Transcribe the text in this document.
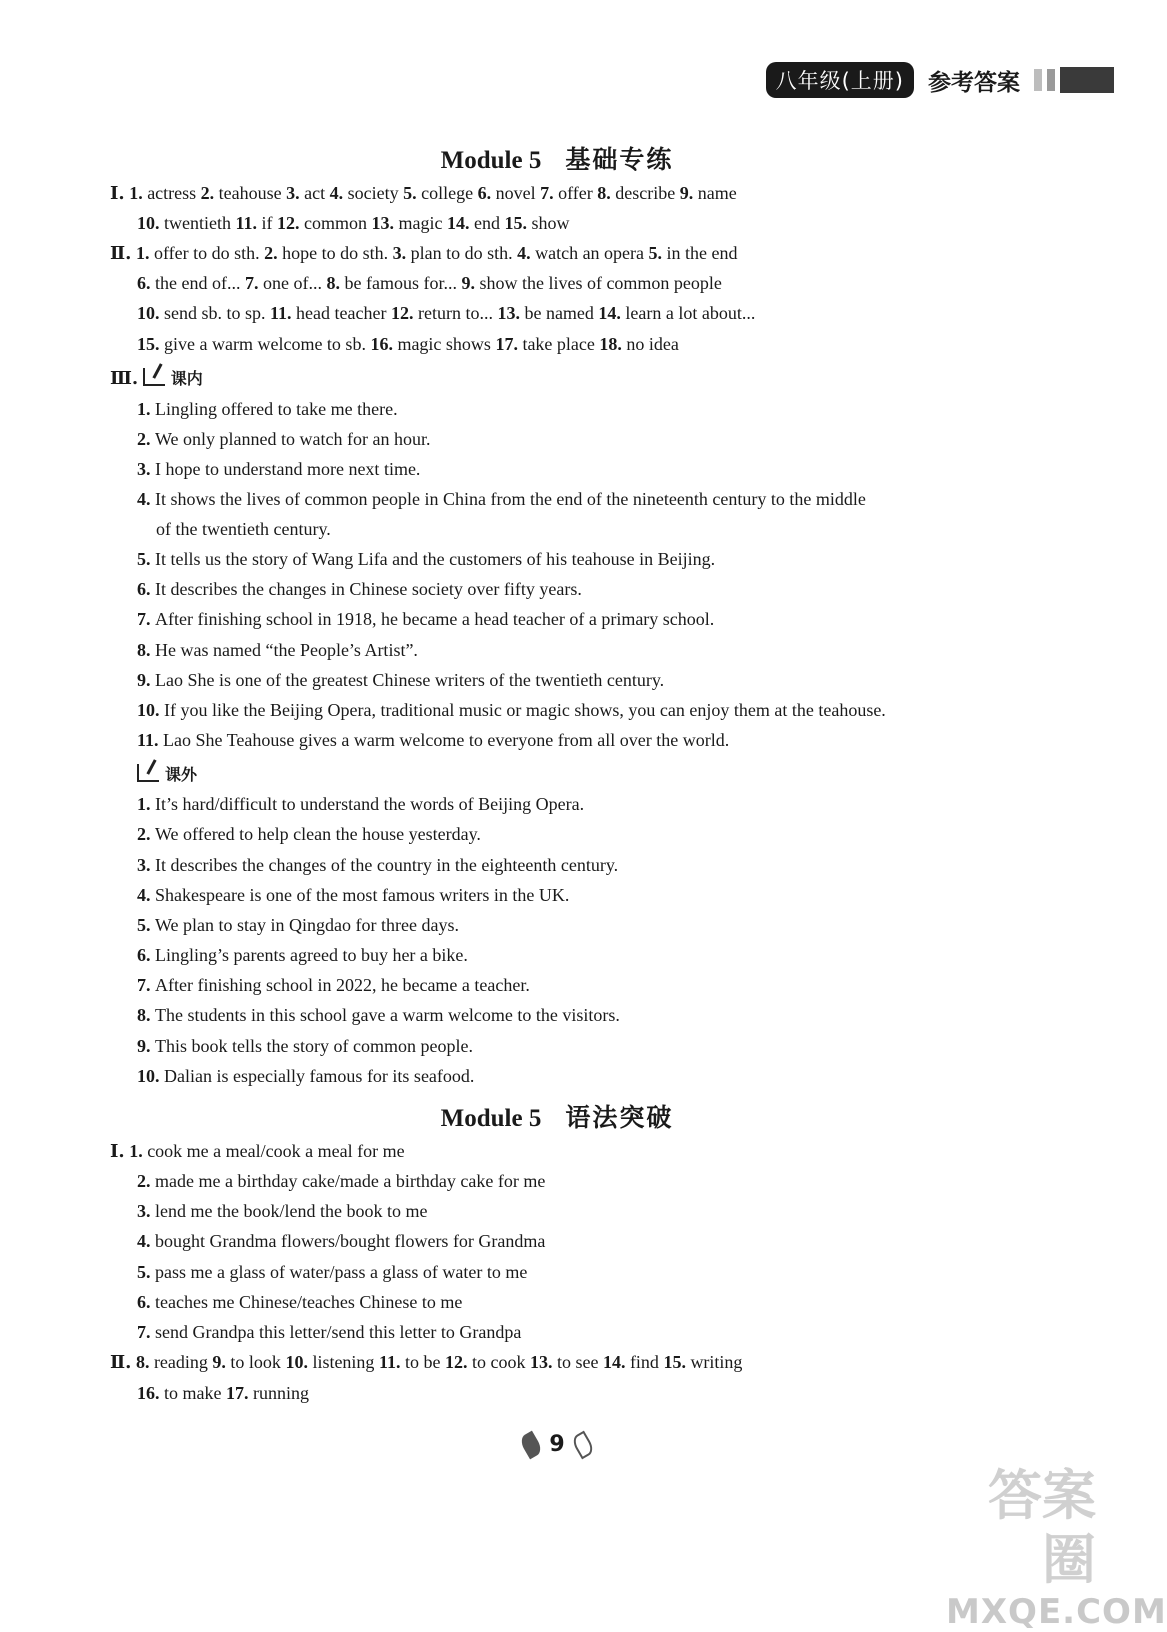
八年级(上册)	参考答案
Module 5 基础专练
Ⅰ. 1. actress 2. teahouse 3. act 4. society 5. college 6. novel 7. offer 8. describe 9. name
10. twentieth 11. if 12. common 13. magic 14. end 15. show
Ⅱ. 1. offer to do sth. 2. hope to do sth. 3. plan to do sth. 4. watch an opera 5. in the end
6. the end of... 7. one of... 8. be famous for... 9. show the lives of common people
10. send sb. to sp. 11. head teacher 12. return to... 13. be named 14. learn a lot about...
15. give a warm welcome to sb. 16. magic shows 17. take place 18. no idea
Ⅲ. 课内
1. Lingling offered to take me there.
2. We only planned to watch for an hour.
3. I hope to understand more next time.
4. It shows the lives of common people in China from the end of the nineteenth century to the middle
of the twentieth century.
5. It tells us the story of Wang Lifa and the customers of his teahouse in Beijing.
6. It describes the changes in Chinese society over fifty years.
7. After finishing school in 1918, he became a head teacher of a primary school.
8. He was named “the People’s Artist”.
9. Lao She is one of the greatest Chinese writers of the twentieth century.
10. If you like the Beijing Opera, traditional music or magic shows, you can enjoy them at the teahouse.
11. Lao She Teahouse gives a warm welcome to everyone from all over the world.
课外
1. It’s hard/difficult to understand the words of Beijing Opera.
2. We offered to help clean the house yesterday.
3. It describes the changes of the country in the eighteenth century.
4. Shakespeare is one of the most famous writers in the UK.
5. We plan to stay in Qingdao for three days.
6. Lingling’s parents agreed to buy her a bike.
7. After finishing school in 2022, he became a teacher.
8. The students in this school gave a warm welcome to the visitors.
9. This book tells the story of common people.
10. Dalian is especially famous for its seafood.
Module 5 语法突破
Ⅰ. 1. cook me a meal/cook a meal for me
2. made me a birthday cake/made a birthday cake for me
3. lend me the book/lend the book to me
4. bought Grandma flowers/bought flowers for Grandma
5. pass me a glass of water/pass a glass of water to me
6. teaches me Chinese/teaches Chinese to me
7. send Grandpa this letter/send this letter to Grandpa
Ⅱ. 8. reading 9. to look 10. listening 11. to be 12. to cook 13. to see 14. find 15. writing
16. to make 17. running
9
答案圈
MXQE.COM
